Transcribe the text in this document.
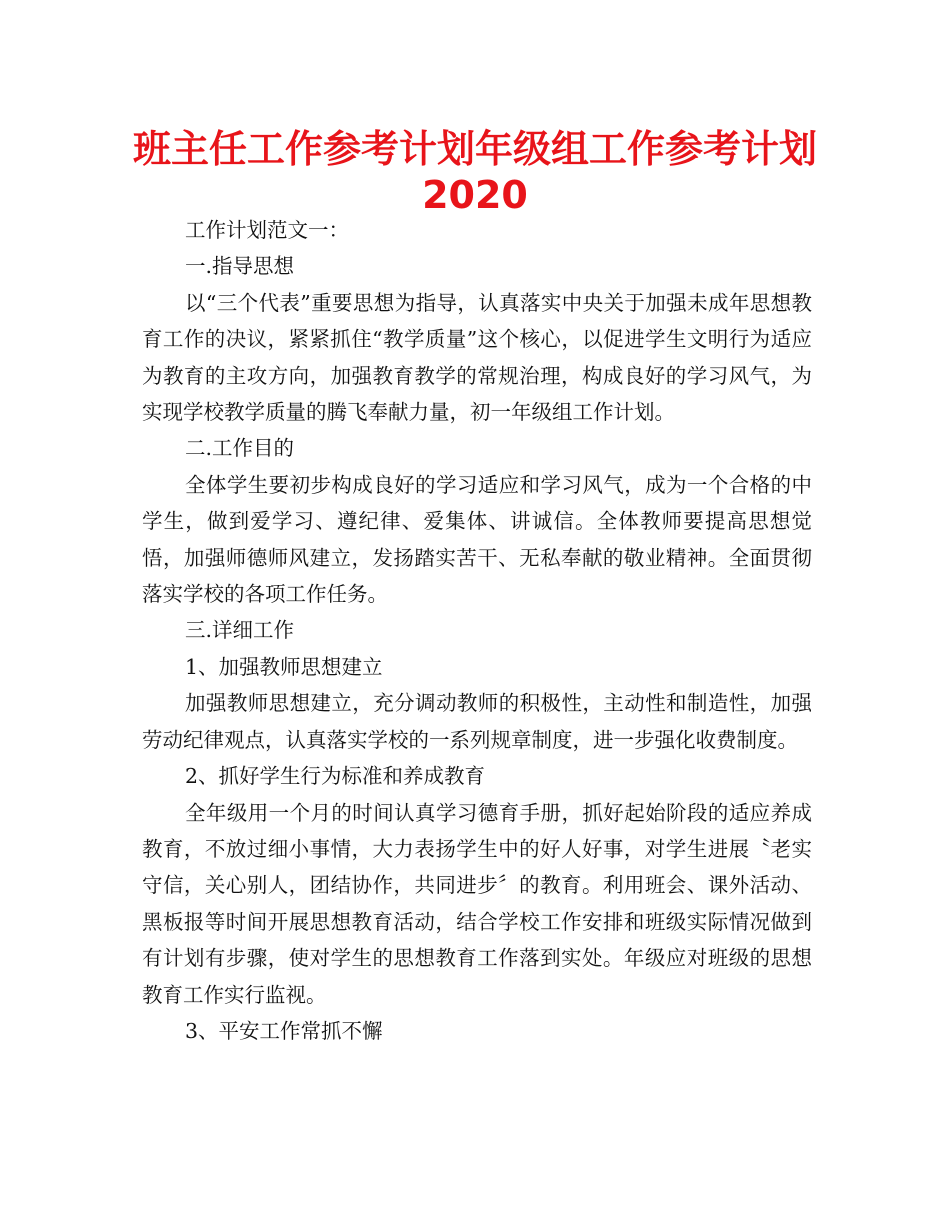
班主任工作参考计划年级组工作参考计划
2020

工作计划范文一：

一.指导思想

以“三个代表”重要思想为指导，认真落实中央关于加强未成年思想教育工作的决议，紧紧抓住“教学质量”这个核心，以促进学生文明行为适应为教育的主攻方向，加强教育教学的常规治理，构成良好的学习风气，为实现学校教学质量的腾飞奉献力量，初一年级组工作计划。

二.工作目的

全体学生要初步构成良好的学习适应和学习风气，成为一个合格的中学生，做到爱学习、遵纪律、爱集体、讲诚信。全体教师要提高思想觉悟，加强师德师风建立，发扬踏实苦干、无私奉献的敬业精神。全面贯彻落实学校的各项工作任务。

三.详细工作

1、加强教师思想建立

加强教师思想建立，充分调动教师的积极性，主动性和制造性，加强劳动纪律观点，认真落实学校的一系列规章制度，进一步强化收费制度。

2、抓好学生行为标准和养成教育

全年级用一个月的时间认真学习德育手册，抓好起始阶段的适应养成教育，不放过细小事情，大力表扬学生中的好人好事，对学生进展〝老实守信，关心别人，团结协作，共同进步〞的教育。利用班会、课外活动、黑板报等时间开展思想教育活动，结合学校工作安排和班级实际情况做到有计划有步骤，使对学生的思想教育工作落到实处。年级应对班级的思想教育工作实行监视。

3、平安工作常抓不懈
